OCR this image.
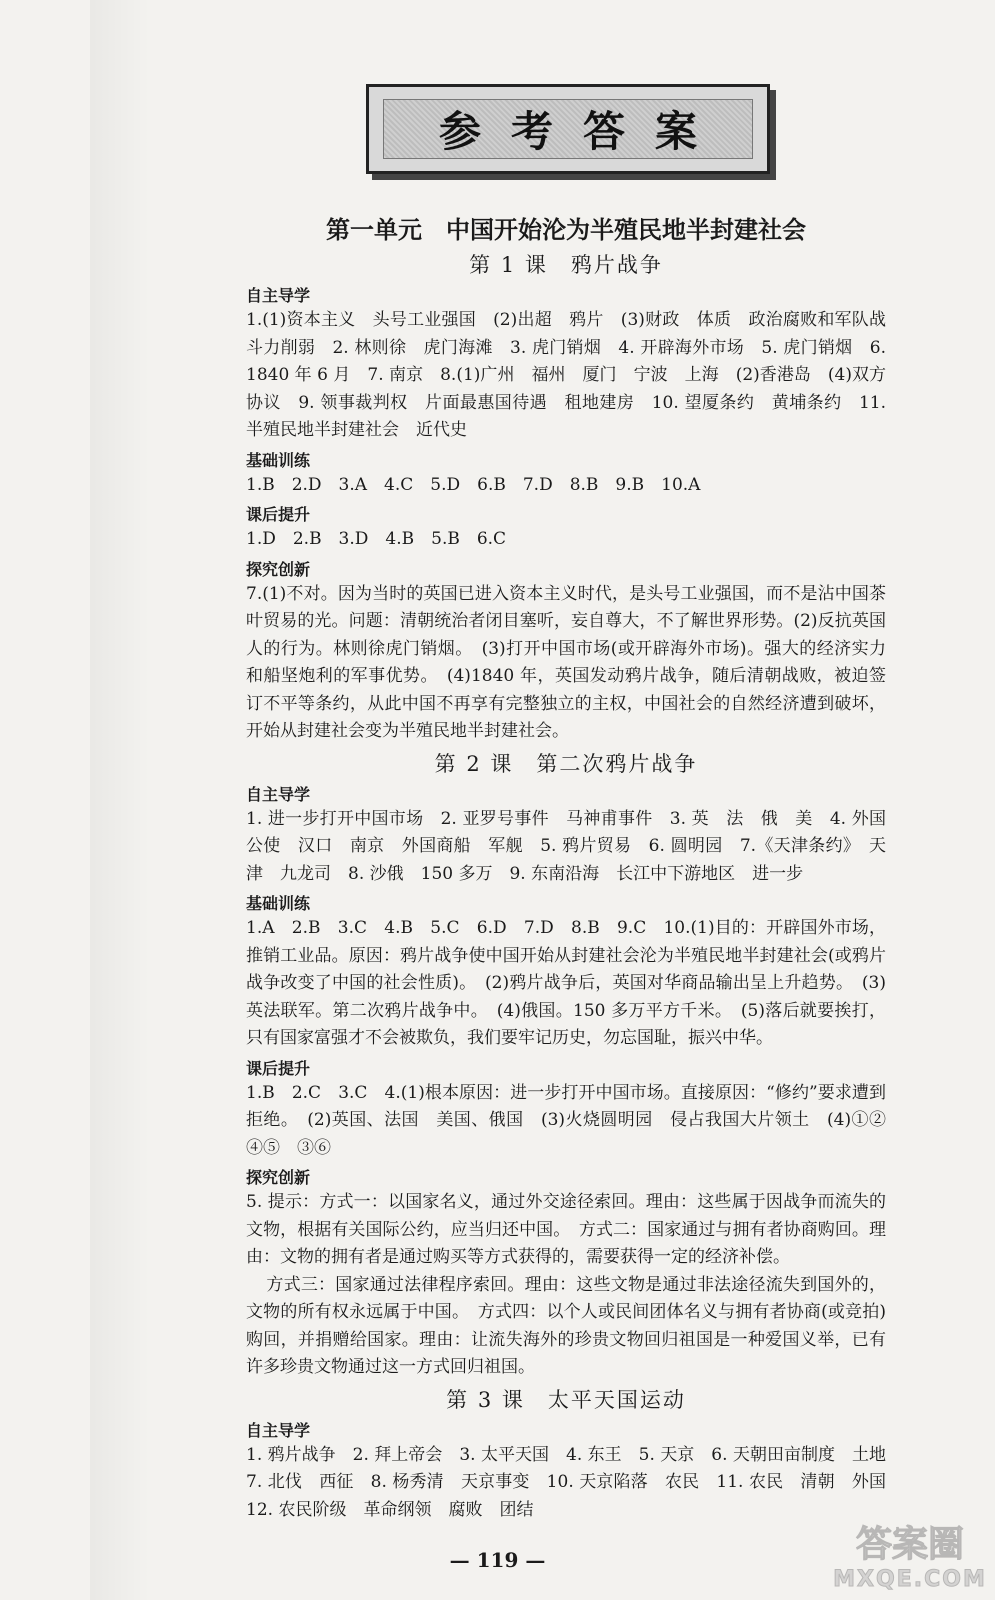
参考答案
第一单元　中国开始沦为半殖民地半封建社会
第 1 课　鸦片战争
自主导学

1.(1)资本主义　头号工业强国　(2)出超　鸦片　(3)财政　体质　政治腐败和军队战斗力削弱　2. 林则徐　虎门海滩　3. 虎门销烟　4. 开辟海外市场　5. 虎门销烟　6.1840 年 6 月　7. 南京　8.(1)广州　福州　厦门　宁波　上海　(2)香港岛　(4)双方协议　9. 领事裁判权　片面最惠国待遇　租地建房　10. 望厦条约　黄埔条约　11. 半殖民地半封建社会　近代史

基础训练

1.B　2.D　3.A　4.C　5.D　6.B　7.D　8.B　9.B　10.A

课后提升

1.D　2.B　3.D　4.B　5.B　6.C

探究创新

7.(1)不对。因为当时的英国已进入资本主义时代，是头号工业强国，而不是沾中国茶叶贸易的光。问题：清朝统治者闭目塞听，妄自尊大，不了解世界形势。(2)反抗英国人的行为。林则徐虎门销烟。　(3)打开中国市场(或开辟海外市场)。强大的经济实力和船坚炮利的军事优势。　(4)1840 年，英国发动鸦片战争，随后清朝战败，被迫签订不平等条约，从此中国不再享有完整独立的主权，中国社会的自然经济遭到破坏，开始从封建社会变为半殖民地半封建社会。

第 2 课　第二次鸦片战争
自主导学

1. 进一步打开中国市场　2. 亚罗号事件　马神甫事件　3. 英　法　俄　美　4. 外国公使　汉口　南京　外国商船　军舰　5. 鸦片贸易　6. 圆明园　7.《天津条约》　天津　九龙司　8. 沙俄　150 多万　9. 东南沿海　长江中下游地区　进一步

基础训练

1.A　2.B　3.C　4.B　5.C　6.D　7.D　8.B　9.C　10.(1)目的：开辟国外市场，推销工业品。原因：鸦片战争使中国开始从封建社会沦为半殖民地半封建社会(或鸦片战争改变了中国的社会性质)。　(2)鸦片战争后，英国对华商品输出呈上升趋势。　(3)英法联军。第二次鸦片战争中。　(4)俄国。150 多万平方千米。　(5)落后就要挨打，只有国家富强才不会被欺负，我们要牢记历史，勿忘国耻，振兴中华。

课后提升

1.B　2.C　3.C　4.(1)根本原因：进一步打开中国市场。直接原因：“修约”要求遭到拒绝。　(2)英国、法国　美国、俄国　(3)火烧圆明园　侵占我国大片领土　(4)①②④⑤　③⑥

探究创新

5. 提示：方式一：以国家名义，通过外交途径索回。理由：这些属于因战争而流失的文物，根据有关国际公约，应当归还中国。　方式二：国家通过与拥有者协商购回。理由：文物的拥有者是通过购买等方式获得的，需要获得一定的经济补偿。

方式三：国家通过法律程序索回。理由：这些文物是通过非法途径流失到国外的，文物的所有权永远属于中国。　方式四：以个人或民间团体名义与拥有者协商(或竞拍)购回，并捐赠给国家。理由：让流失海外的珍贵文物回归祖国是一种爱国义举，已有许多珍贵文物通过这一方式回归祖国。

第 3 课　太平天国运动
自主导学

1. 鸦片战争　2. 拜上帝会　3. 太平天国　4. 东王　5. 天京　6. 天朝田亩制度　土地　7. 北伐　西征　8. 杨秀清　天京事变　10. 天京陷落　农民　11. 农民　清朝　外国　12. 农民阶级　革命纲领　腐败　团结

— 119 —	答案圈
MXQE.COM
